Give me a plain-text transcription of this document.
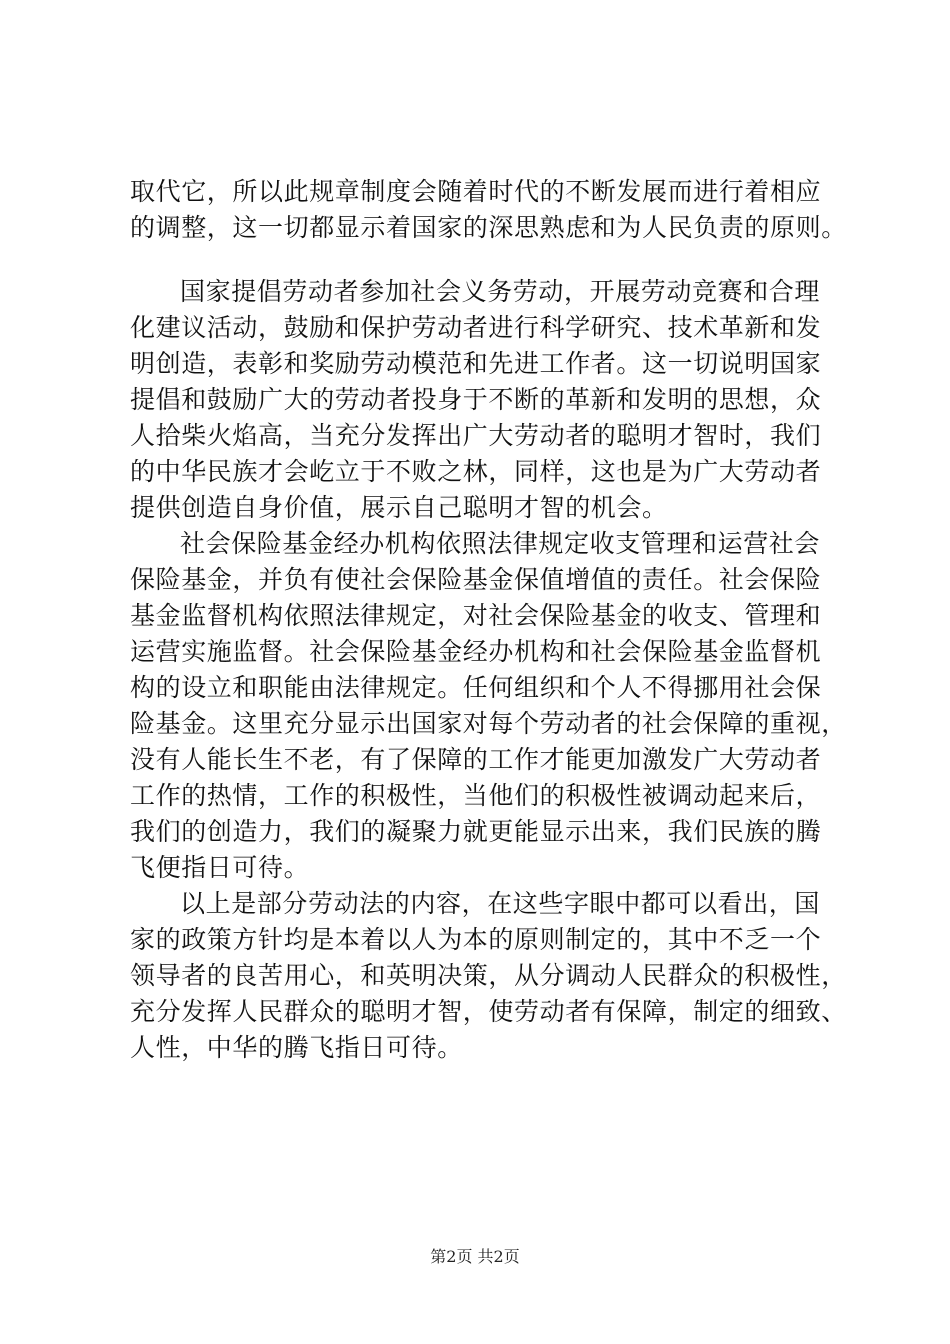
取代它，所以此规章制度会随着时代的不断发展而进行着相应
的调整，这一切都显示着国家的深思熟虑和为人民负责的原则。
国家提倡劳动者参加社会义务劳动，开展劳动竞赛和合理
化建议活动，鼓励和保护劳动者进行科学研究、技术革新和发
明创造，表彰和奖励劳动模范和先进工作者。这一切说明国家
提倡和鼓励广大的劳动者投身于不断的革新和发明的思想，众
人拾柴火焰高，当充分发挥出广大劳动者的聪明才智时，我们
的中华民族才会屹立于不败之林，同样，这也是为广大劳动者
提供创造自身价值，展示自己聪明才智的机会。
社会保险基金经办机构依照法律规定收支管理和运营社会
保险基金，并负有使社会保险基金保值增值的责任。社会保险
基金监督机构依照法律规定，对社会保险基金的收支、管理和
运营实施监督。社会保险基金经办机构和社会保险基金监督机
构的设立和职能由法律规定。任何组织和个人不得挪用社会保
险基金。这里充分显示出国家对每个劳动者的社会保障的重视，
没有人能长生不老，有了保障的工作才能更加激发广大劳动者
工作的热情，工作的积极性，当他们的积极性被调动起来后，
我们的创造力，我们的凝聚力就更能显示出来，我们民族的腾
飞便指日可待。
以上是部分劳动法的内容，在这些字眼中都可以看出，国
家的政策方针均是本着以人为本的原则制定的，其中不乏一个
领导者的良苦用心，和英明决策，从分调动人民群众的积极性，
充分发挥人民群众的聪明才智，使劳动者有保障，制定的细致、
人性，中华的腾飞指日可待。
第2页 共2页
